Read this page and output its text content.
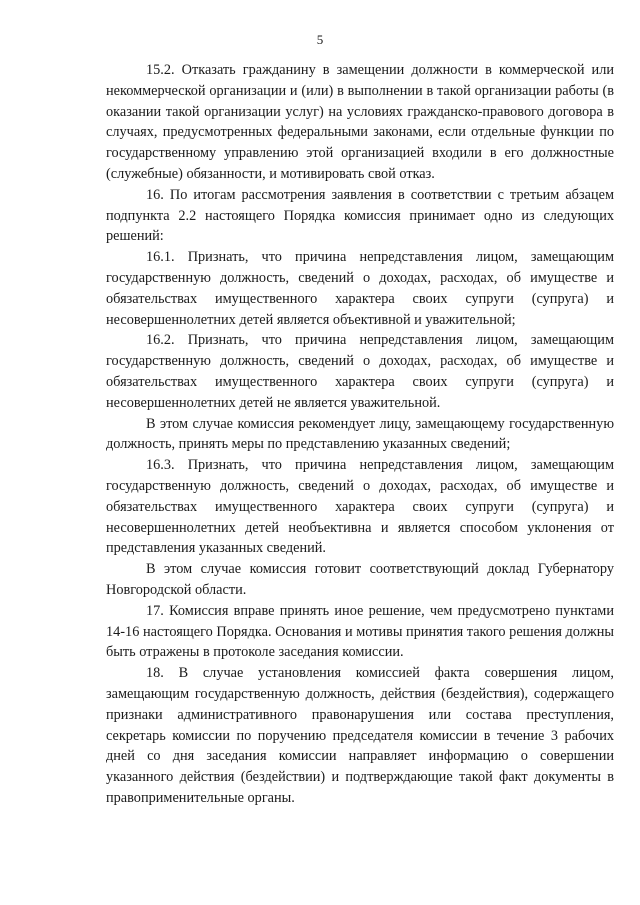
5

15.2. Отказать гражданину в замещении должности в коммерческой или некоммерческой организации и (или) в выполнении в такой организации работы (в оказании такой организации услуг) на условиях гражданско-правового договора в случаях, предусмотренных федеральными законами, если отдельные функции по государственному управлению этой организацией входили в его должностные (служебные) обязанности, и мотивировать свой отказ.

16. По итогам рассмотрения заявления в соответствии с третьим абзацем подпункта 2.2 настоящего Порядка комиссия принимает одно из следующих решений:

16.1. Признать, что причина непредставления лицом, замещающим государственную должность, сведений о доходах, расходах, об имуществе и обязательствах имущественного характера своих супруги (супруга) и несовершеннолетних детей является объективной и уважительной;

16.2. Признать, что причина непредставления лицом, замещающим государственную должность, сведений о доходах, расходах, об имуществе и обязательствах имущественного характера своих супруги (супруга) и несовершеннолетних детей не является уважительной.

В этом случае комиссия рекомендует лицу, замещающему государственную должность, принять меры по представлению указанных сведений;

16.3. Признать, что причина непредставления лицом, замещающим государственную должность, сведений о доходах, расходах, об имуществе и обязательствах имущественного характера своих супруги (супруга) и несовершеннолетних детей необъективна и является способом уклонения от представления указанных сведений.

В этом случае комиссия готовит соответствующий доклад Губернатору Новгородской области.

17. Комиссия вправе принять иное решение, чем предусмотрено пунктами 14-16 настоящего Порядка. Основания и мотивы принятия такого решения должны быть отражены в протоколе заседания комиссии.

18. В случае установления комиссией факта совершения лицом, замещающим государственную должность, действия (бездействия), содержащего признаки административного правонарушения или состава преступления, секретарь комиссии по поручению председателя комиссии в течение 3 рабочих дней со дня заседания комиссии направляет информацию о совершении указанного действия (бездействии) и подтверждающие такой факт документы в правоприменительные органы.
